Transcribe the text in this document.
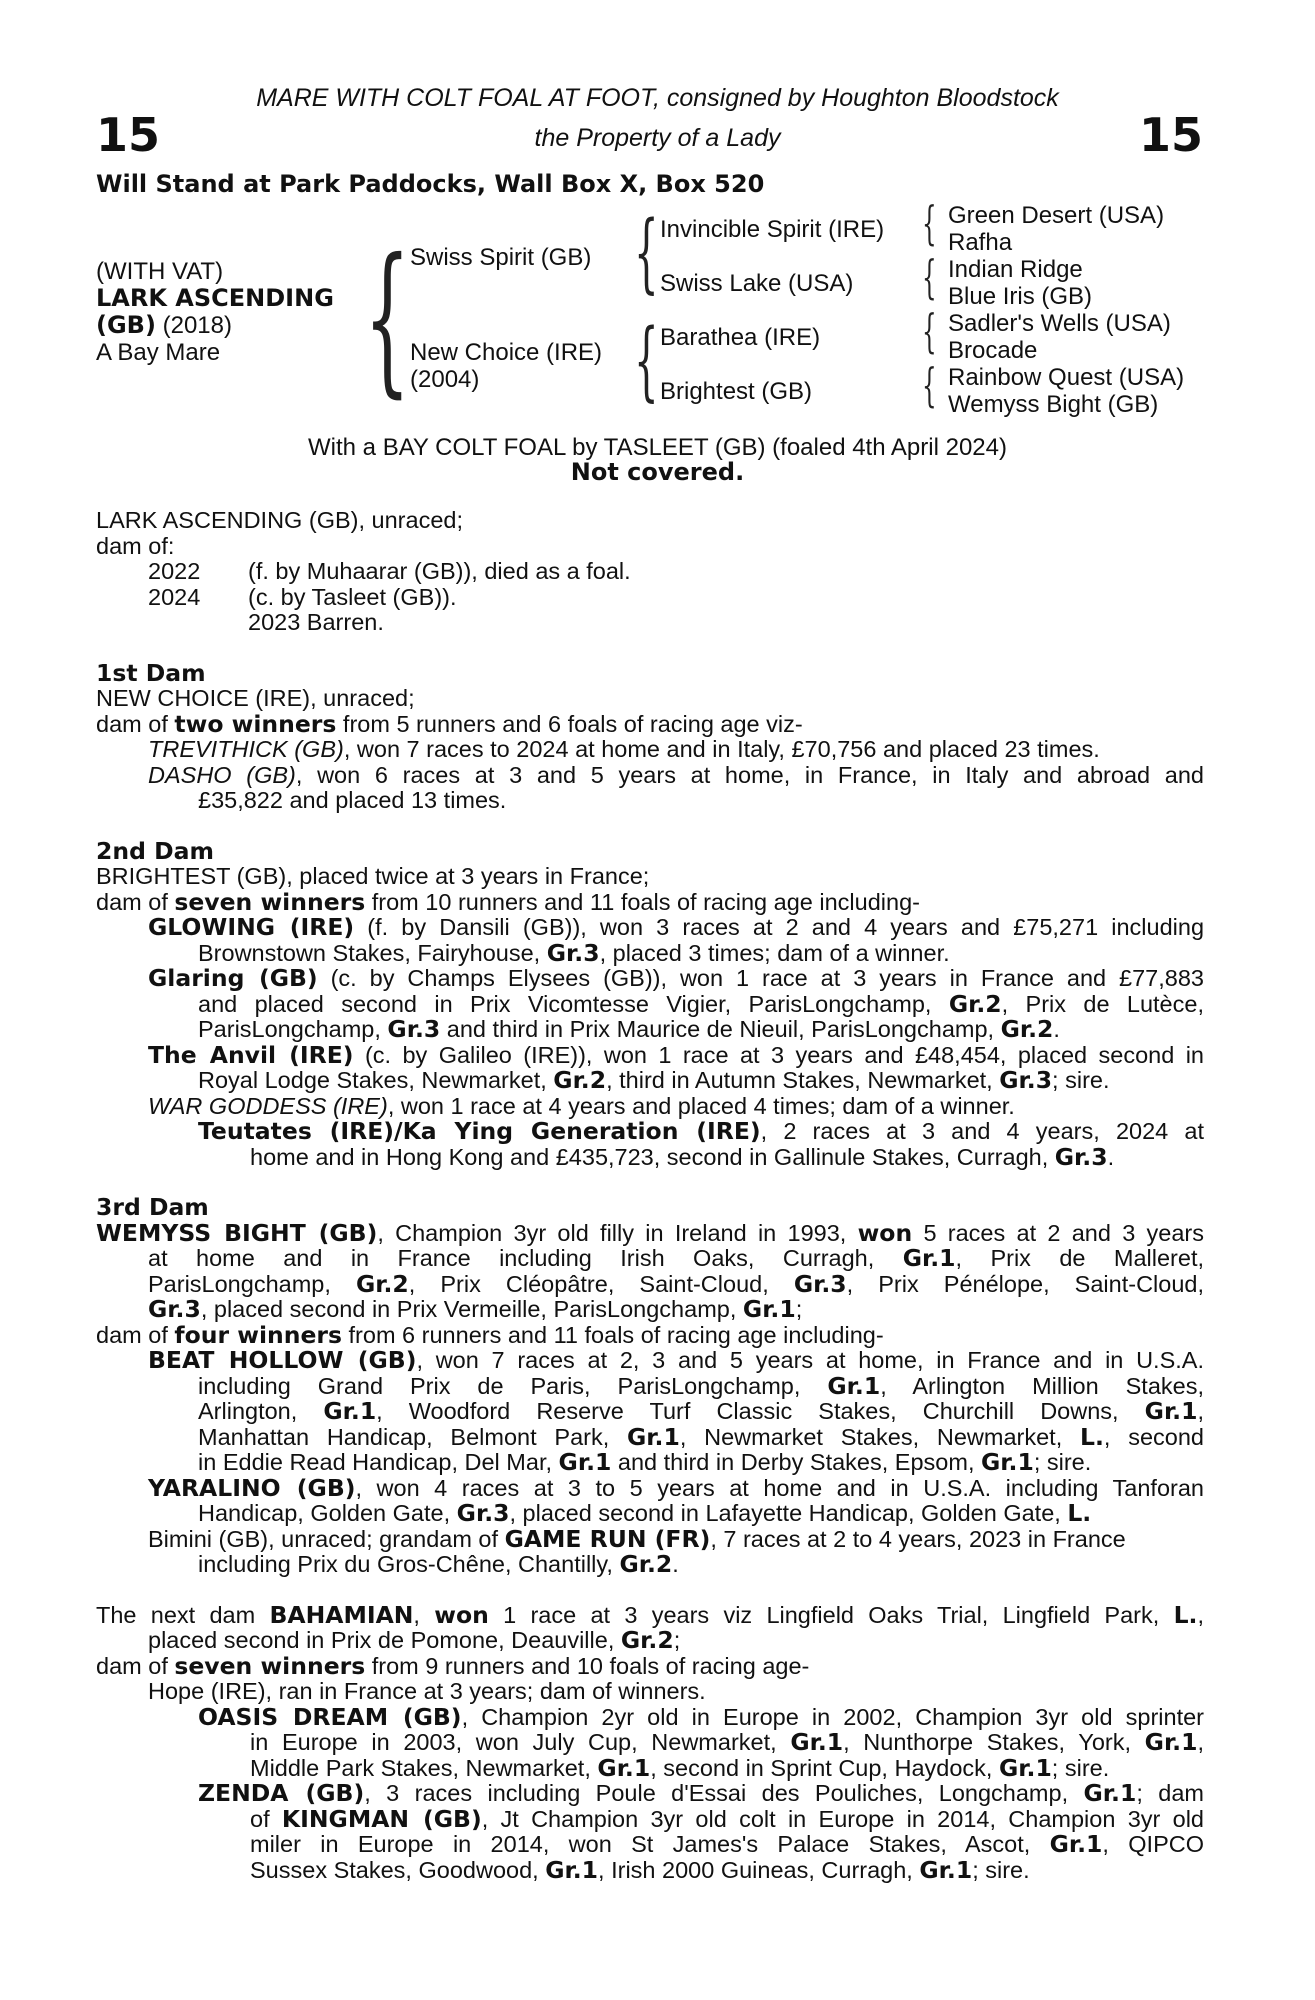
15	15
MARE WITH COLT FOAL AT FOOT, consigned by Houghton Bloodstock
the Property of a Lady
Will Stand at Park Paddocks, Wall Box X, Box 520
(WITH VAT)
LARK ASCENDING
(GB) (2018)
A Bay Mare { Swiss Spirit (GB)
New Choice (IRE)
(2004)
{
{
Invincible Spirit (IRE)
Swiss Lake (USA)
Barathea (IRE)
Brightest (GB)
{
{
{
{
Green Desert (USA)
Rafha
Indian Ridge
Blue Iris (GB)
Sadler's Wells (USA)
Brocade
Rainbow Quest (USA)
Wemyss Bight (GB)
With a BAY COLT FOAL by TASLEET (GB) (foaled 4th April 2024)
Not covered.
LARK ASCENDING (GB), unraced;
dam of:
2022 (f. by Muhaarar (GB)), died as a foal.
2024 (c. by Tasleet (GB)).
2023 Barren.
1st Dam
NEW CHOICE (IRE), unraced;
dam of two winners from 5 runners and 6 foals of racing age viz-
TREVITHICK (GB), won 7 races to 2024 at home and in Italy, £70,756 and placed 23 times.
DASHO (GB), won 6 races at 3 and 5 years at home, in France, in Italy and abroad and
£35,822 and placed 13 times.
2nd Dam
BRIGHTEST (GB), placed twice at 3 years in France;
dam of seven winners from 10 runners and 11 foals of racing age including-
GLOWING (IRE) (f. by Dansili (GB)), won 3 races at 2 and 4 years and £75,271 including
Brownstown Stakes, Fairyhouse, Gr.3, placed 3 times; dam of a winner.
Glaring (GB) (c. by Champs Elysees (GB)), won 1 race at 3 years in France and £77,883
and placed second in Prix Vicomtesse Vigier, ParisLongchamp, Gr.2, Prix de Lutèce,
ParisLongchamp, Gr.3 and third in Prix Maurice de Nieuil, ParisLongchamp, Gr.2.
The Anvil (IRE) (c. by Galileo (IRE)), won 1 race at 3 years and £48,454, placed second in
Royal Lodge Stakes, Newmarket, Gr.2, third in Autumn Stakes, Newmarket, Gr.3; sire.
WAR GODDESS (IRE), won 1 race at 4 years and placed 4 times; dam of a winner.
Teutates (IRE)/Ka Ying Generation (IRE), 2 races at 3 and 4 years, 2024 at
home and in Hong Kong and £435,723, second in Gallinule Stakes, Curragh, Gr.3.
3rd Dam
WEMYSS BIGHT (GB), Champion 3yr old filly in Ireland in 1993, won 5 races at 2 and 3 years
at home and in France including Irish Oaks, Curragh, Gr.1, Prix de Malleret,
ParisLongchamp, Gr.2, Prix Cléopâtre, Saint-Cloud, Gr.3, Prix Pénélope, Saint-Cloud,
Gr.3, placed second in Prix Vermeille, ParisLongchamp, Gr.1;
dam of four winners from 6 runners and 11 foals of racing age including-
BEAT HOLLOW (GB), won 7 races at 2, 3 and 5 years at home, in France and in U.S.A.
including Grand Prix de Paris, ParisLongchamp, Gr.1, Arlington Million Stakes,
Arlington, Gr.1, Woodford Reserve Turf Classic Stakes, Churchill Downs, Gr.1,
Manhattan Handicap, Belmont Park, Gr.1, Newmarket Stakes, Newmarket, L., second
in Eddie Read Handicap, Del Mar, Gr.1 and third in Derby Stakes, Epsom, Gr.1; sire.
YARALINO (GB), won 4 races at 3 to 5 years at home and in U.S.A. including Tanforan
Handicap, Golden Gate, Gr.3, placed second in Lafayette Handicap, Golden Gate, L.
Bimini (GB), unraced; grandam of GAME RUN (FR), 7 races at 2 to 4 years, 2023 in France
including Prix du Gros-Chêne, Chantilly, Gr.2.
The next dam BAHAMIAN, won 1 race at 3 years viz Lingfield Oaks Trial, Lingfield Park, L.,
placed second in Prix de Pomone, Deauville, Gr.2;
dam of seven winners from 9 runners and 10 foals of racing age-
Hope (IRE), ran in France at 3 years; dam of winners.
OASIS DREAM (GB), Champion 2yr old in Europe in 2002, Champion 3yr old sprinter
in Europe in 2003, won July Cup, Newmarket, Gr.1, Nunthorpe Stakes, York, Gr.1,
Middle Park Stakes, Newmarket, Gr.1, second in Sprint Cup, Haydock, Gr.1; sire.
ZENDA (GB), 3 races including Poule d'Essai des Pouliches, Longchamp, Gr.1; dam
of KINGMAN (GB), Jt Champion 3yr old colt in Europe in 2014, Champion 3yr old
miler in Europe in 2014, won St James's Palace Stakes, Ascot, Gr.1, QIPCO
Sussex Stakes, Goodwood, Gr.1, Irish 2000 Guineas, Curragh, Gr.1; sire.
